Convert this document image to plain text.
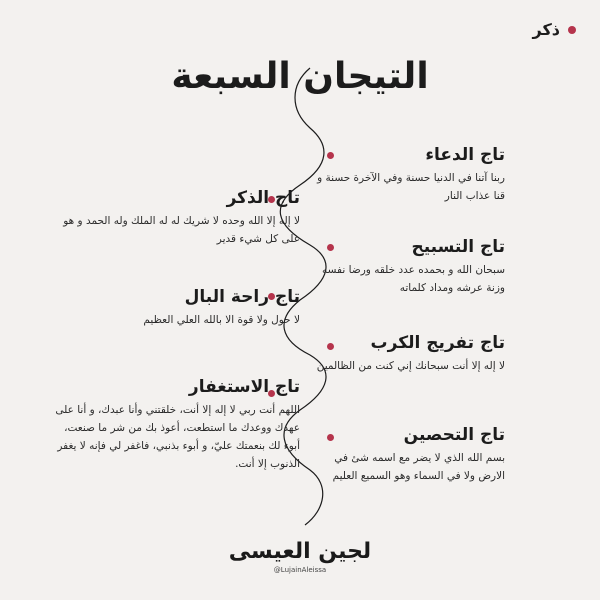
ذكر
التيجان السبعة
تاج الدعاء
ربنا آتنا في الدنيا حسنة وفي الآخرة حسنة و قنا عذاب النار
تاج التسبيح
سبحان الله و بحمده عدد خلقه ورضا نفسه وزنة عرشه ومداد كلماته
تاج تفريج الكرب
لا إله إلا أنت سبحانك إني كنت من الظالمين
تاج التحصين
بسم الله الذي لا يضر مع اسمه شئ في الارض ولا في السماء وهو السميع العليم
تاج الذكر
لا إله إلا الله وحده لا شريك له له الملك وله الحمد و هو على كل شيء قدير
تاج راحة البال
لا حول ولا قوة الا بالله العلي العظيم
تاج الاستغفار
اللهم أنت ربي لا إله إلا أنت، خلقتني وأنا عبدك، و أنا على عهدك ووعدك ما استطعت، أعوذ بك من شر ما صنعت، أبوء لك بنعمتك عليّ، و أبوء بذنبي، فاغفر لي فإنه لا يغفر الذنوب إلا أنت.
لجين العيسى
@LujainAleissa
